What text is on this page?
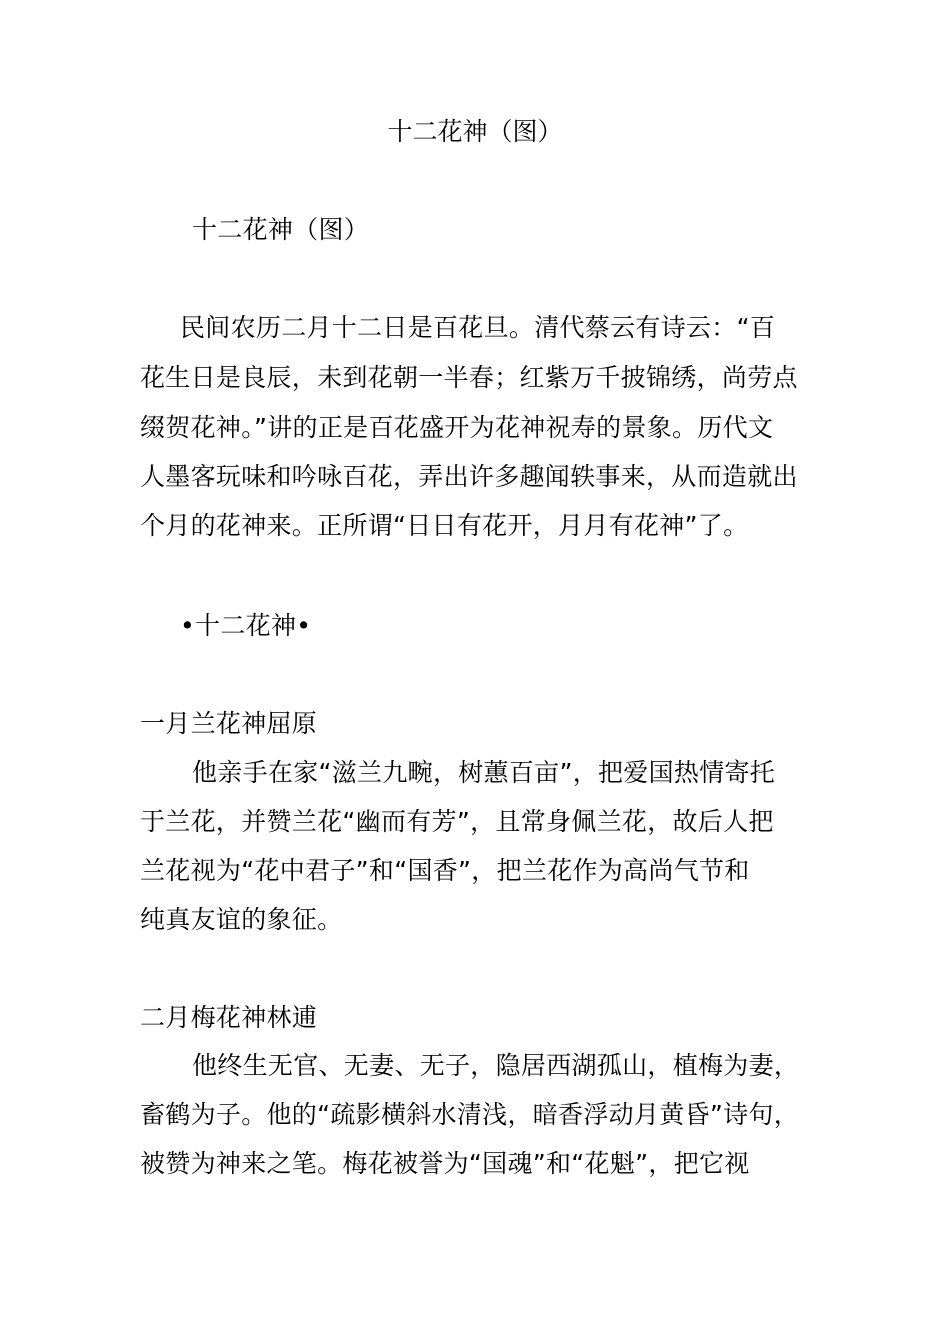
十二花神（图）
十二花神（图）
民间农历二月十二日是百花旦。清代蔡云有诗云：“百
花生日是良辰，未到花朝一半春；红紫万千披锦绣，尚劳点
缀贺花神。”讲的正是百花盛开为花神祝寿的景象。历代文
人墨客玩味和吟咏百花，弄出许多趣闻轶事来，从而造就出
个月的花神来。正所谓“日日有花开，月月有花神”了。
•十二花神•
一月兰花神屈原
他亲手在家“滋兰九畹，树蕙百亩”，把爱国热情寄托
于兰花，并赞兰花“幽而有芳”，且常身佩兰花，故后人把
兰花视为“花中君子”和“国香”，把兰花作为高尚气节和
纯真友谊的象征。
二月梅花神林逋
他终生无官、无妻、无子，隐居西湖孤山，植梅为妻，
畜鹤为子。他的“疏影横斜水清浅，暗香浮动月黄昏”诗句，
被赞为神来之笔。梅花被誉为“国魂”和“花魁”，把它视
